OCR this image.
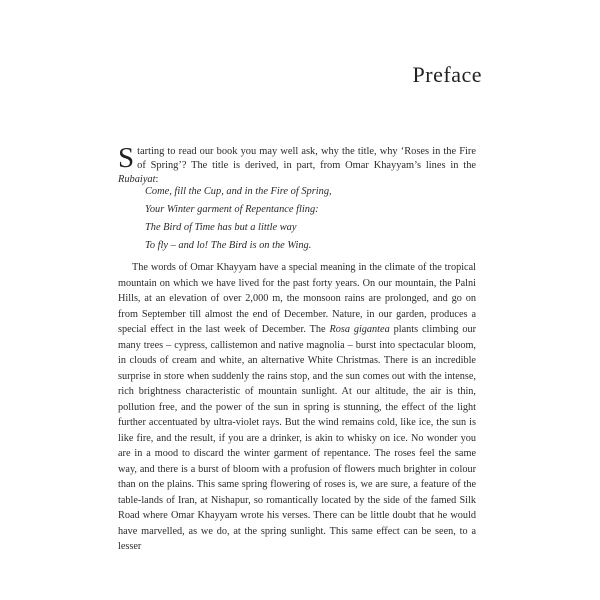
Preface
Starting to read our book you may well ask, why the title, why ‘Roses in the Fire of Spring’? The title is derived, in part, from Omar Khayyam’s lines in the Rubaiyat:
Come, fill the Cup, and in the Fire of Spring,
Your Winter garment of Repentance fling:
The Bird of Time has but a little way
To fly – and lo! The Bird is on the Wing.

The words of Omar Khayyam have a special meaning in the climate of the tropical mountain on which we have lived for the past forty years. On our mountain, the Palni Hills, at an elevation of over 2,000 m, the monsoon rains are prolonged, and go on from September till almost the end of December. Nature, in our garden, produces a special effect in the last week of December. The Rosa gigantea plants climbing our many trees – cypress, callistemon and native magnolia – burst into spectacular bloom, in clouds of cream and white, an alternative White Christmas. There is an incredible surprise in store when suddenly the rains stop, and the sun comes out with the intense, rich brightness characteristic of mountain sunlight. At our altitude, the air is thin, pollution free, and the power of the sun in spring is stunning, the effect of the light further accentuated by ultra-violet rays. But the wind remains cold, like ice, the sun is like fire, and the result, if you are a drinker, is akin to whisky on ice. No wonder you are in a mood to discard the winter garment of repentance. The roses feel the same way, and there is a burst of bloom with a profusion of flowers much brighter in colour than on the plains. This same spring flowering of roses is, we are sure, a feature of the table-lands of Iran, at Nishapur, so romantically located by the side of the famed Silk Road where Omar Khayyam wrote his verses. There can be little doubt that he would have marvelled, as we do, at the spring sunlight. This same effect can be seen, to a lesser
